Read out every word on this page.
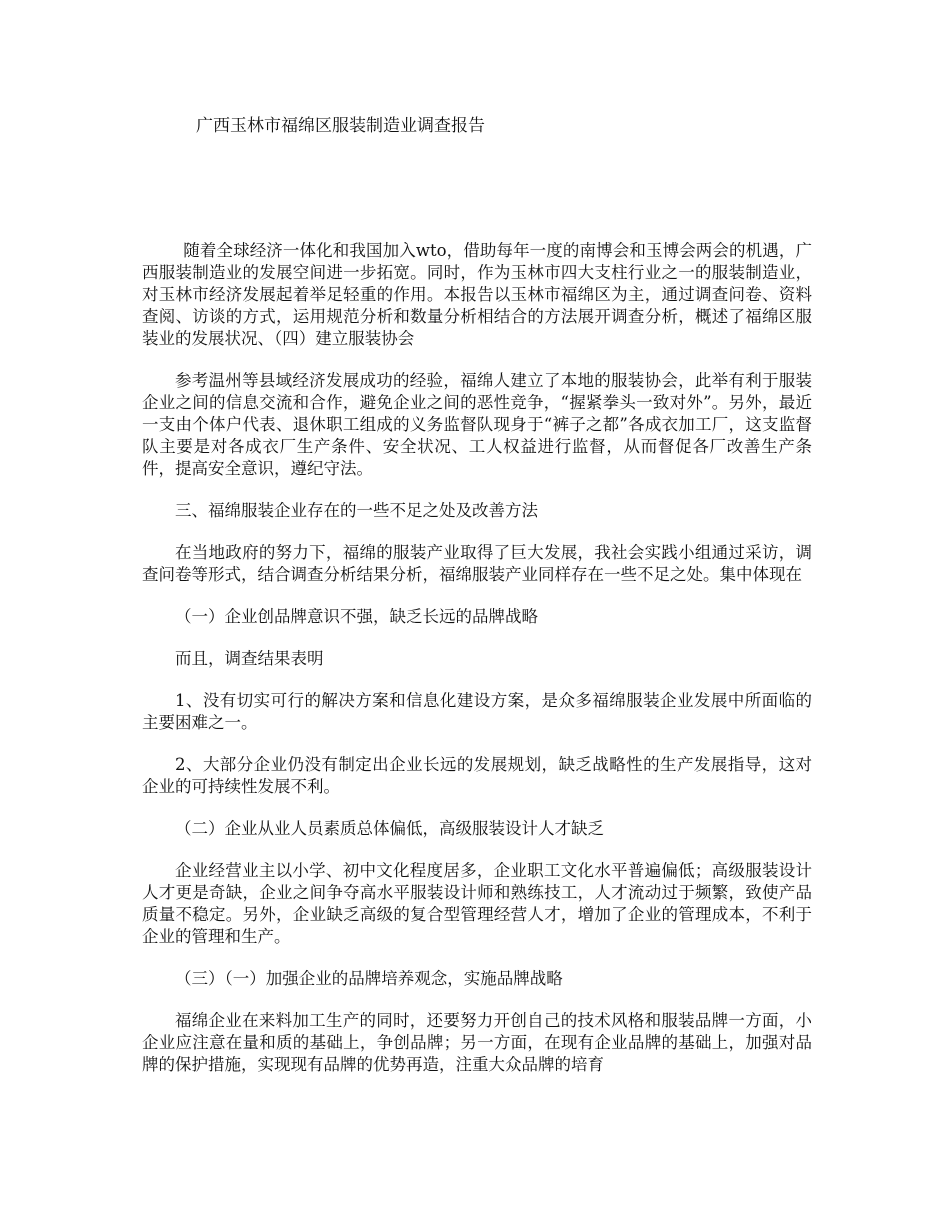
广西玉林市福绵区服装制造业调查报告

随着全球经济一体化和我国加入wto，借助每年一度的南博会和玉博会两会的机遇，广西服装制造业的发展空间进一步拓宽。同时，作为玉林市四大支柱行业之一的服装制造业，对玉林市经济发展起着举足轻重的作用。本报告以玉林市福绵区为主，通过调查问卷、资料查阅、访谈的方式，运用规范分析和数量分析相结合的方法展开调查分析，概述了福绵区服装业的发展状况、（四）建立服装协会

参考温州等县域经济发展成功的经验，福绵人建立了本地的服装协会，此举有利于服装企业之间的信息交流和合作，避免企业之间的恶性竞争，“握紧拳头一致对外”。另外，最近一支由个体户代表、退休职工组成的义务监督队现身于“裤子之都”各成衣加工厂，这支监督队主要是对各成衣厂生产条件、安全状况、工人权益进行监督，从而督促各厂改善生产条件，提高安全意识，遵纪守法。

三、福绵服装企业存在的一些不足之处及改善方法

在当地政府的努力下，福绵的服装产业取得了巨大发展，我社会实践小组通过采访，调查问卷等形式，结合调查分析结果分析，福绵服装产业同样存在一些不足之处。集中体现在

（一）企业创品牌意识不强，缺乏长远的品牌战略

而且，调查结果表明

1、没有切实可行的解决方案和信息化建设方案，是众多福绵服装企业发展中所面临的主要困难之一。

2、大部分企业仍没有制定出企业长远的发展规划，缺乏战略性的生产发展指导，这对企业的可持续性发展不利。

（二）企业从业人员素质总体偏低，高级服装设计人才缺乏

企业经营业主以小学、初中文化程度居多，企业职工文化水平普遍偏低；高级服装设计人才更是奇缺，企业之间争夺高水平服装设计师和熟练技工，人才流动过于频繁，致使产品质量不稳定。另外，企业缺乏高级的复合型管理经营人才，增加了企业的管理成本，不利于企业的管理和生产。

（三）（一）加强企业的品牌培养观念，实施品牌战略

福绵企业在来料加工生产的同时，还要努力开创自己的技术风格和服装品牌一方面，小企业应注意在量和质的基础上，争创品牌；另一方面，在现有企业品牌的基础上，加强对品牌的保护措施，实现现有品牌的优势再造，注重大众品牌的培育
